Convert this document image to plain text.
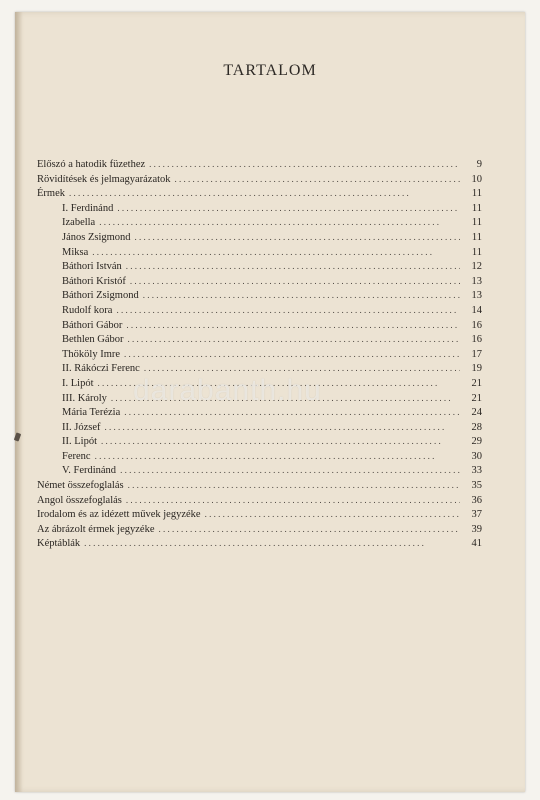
TARTALOM
Előszó a hatodik füzethez . . .	9
Rövidítések és jelmagyarázatok . . .	10
Érmek . . .	11
I. Ferdinánd . . .	11
Izabella . . .	11
János Zsigmond . . .	11
Miksa . . .	11
Báthori István . . .	12
Báthori Kristóf . . .	13
Báthori Zsigmond . . .	13
Rudolf kora . . .	14
Báthori Gábor . . .	16
Bethlen Gábor . . .	16
Thököly Imre . . .	17
II. Rákóczi Ferenc . . .	19
I. Lipót . . .	21
III. Károly . . .	21
Mária Terézia . . .	24
II. József . . .	28
II. Lipót . . .	29
Ferenc . . .	30
V. Ferdinánd . . .	33
Német összefoglalás . . .	35
Angol összefoglalás . . .	36
Irodalom és az idézett művek jegyzéke . . .	37
Az ábrázolt érmek jegyzéke . . .	39
Képtáblák . . .	41
darabanth.hu
